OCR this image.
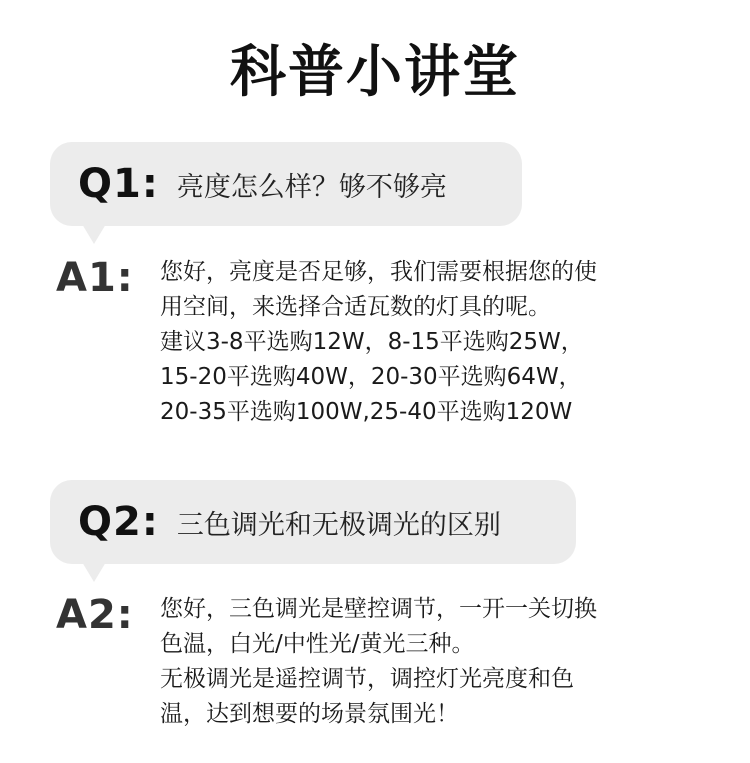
科普小讲堂
Q1: 亮度怎么样？够不够亮
A1: 您好，亮度是否足够，我们需要根据您的使
用空间，来选择合适瓦数的灯具的呢。
建议3-8平选购12W，8-15平选购25W，
15-20平选购40W，20-30平选购64W，
20-35平选购100W,25-40平选购120W
Q2: 三色调光和无极调光的区别
A2: 您好，三色调光是壁控调节，一开一关切换
色温，白光/中性光/黄光三种。
无极调光是遥控调节，调控灯光亮度和色
温，达到想要的场景氛围光！
